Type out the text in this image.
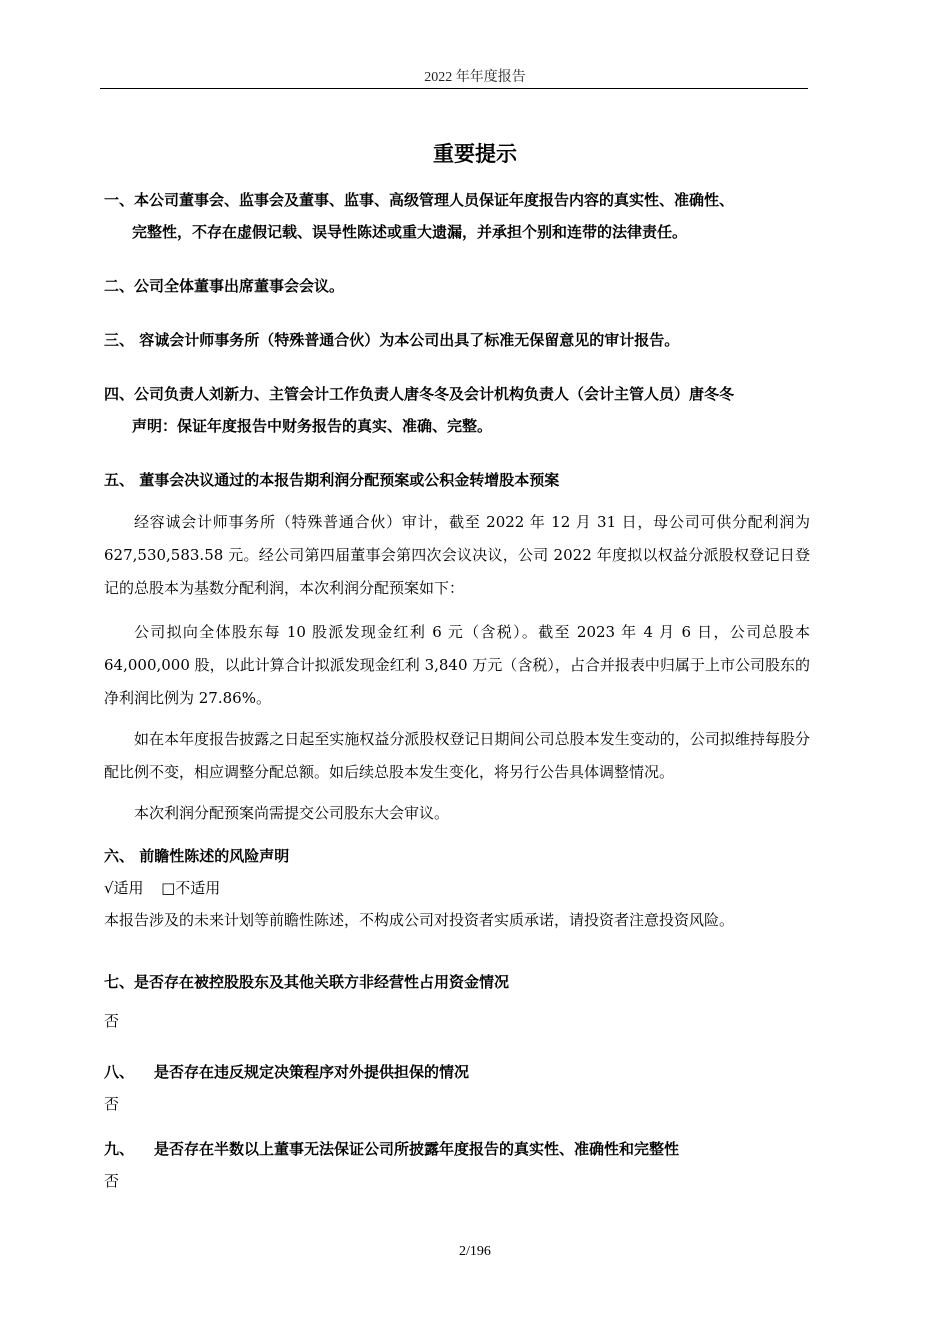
2022 年年度报告
重要提示
一、本公司董事会、监事会及董事、监事、高级管理人员保证年度报告内容的真实性、准确性、
完整性，不存在虚假记载、误导性陈述或重大遗漏，并承担个别和连带的法律责任。
二、公司全体董事出席董事会会议。
三、 容诚会计师事务所（特殊普通合伙）为本公司出具了标准无保留意见的审计报告。
四、公司负责人刘新力、主管会计工作负责人唐冬冬及会计机构负责人（会计主管人员）唐冬冬
声明：保证年度报告中财务报告的真实、准确、完整。
五、 董事会决议通过的本报告期利润分配预案或公积金转增股本预案
经容诚会计师事务所（特殊普通合伙）审计，截至 2022 年 12 月 31 日，母公司可供分配利润为 627,530,583.58 元。经公司第四届董事会第四次会议决议，公司 2022 年度拟以权益分派股权登记日登记的总股本为基数分配利润，本次利润分配预案如下：
公司拟向全体股东每 10 股派发现金红利 6 元（含税）。截至 2023 年 4 月 6 日，公司总股本 64,000,000 股，以此计算合计拟派发现金红利 3,840 万元（含税），占合并报表中归属于上市公司股东的净利润比例为 27.86%。
如在本年度报告披露之日起至实施权益分派股权登记日期间公司总股本发生变动的，公司拟维持每股分配比例不变，相应调整分配总额。如后续总股本发生变化，将另行公告具体调整情况。
本次利润分配预案尚需提交公司股东大会审议。
六、 前瞻性陈述的风险声明
√适用 □不适用
本报告涉及的未来计划等前瞻性陈述，不构成公司对投资者实质承诺，请投资者注意投资风险。
七、是否存在被控股股东及其他关联方非经营性占用资金情况
否
八、 是否存在违反规定决策程序对外提供担保的情况
否
九、 是否存在半数以上董事无法保证公司所披露年度报告的真实性、准确性和完整性
否
2/196
